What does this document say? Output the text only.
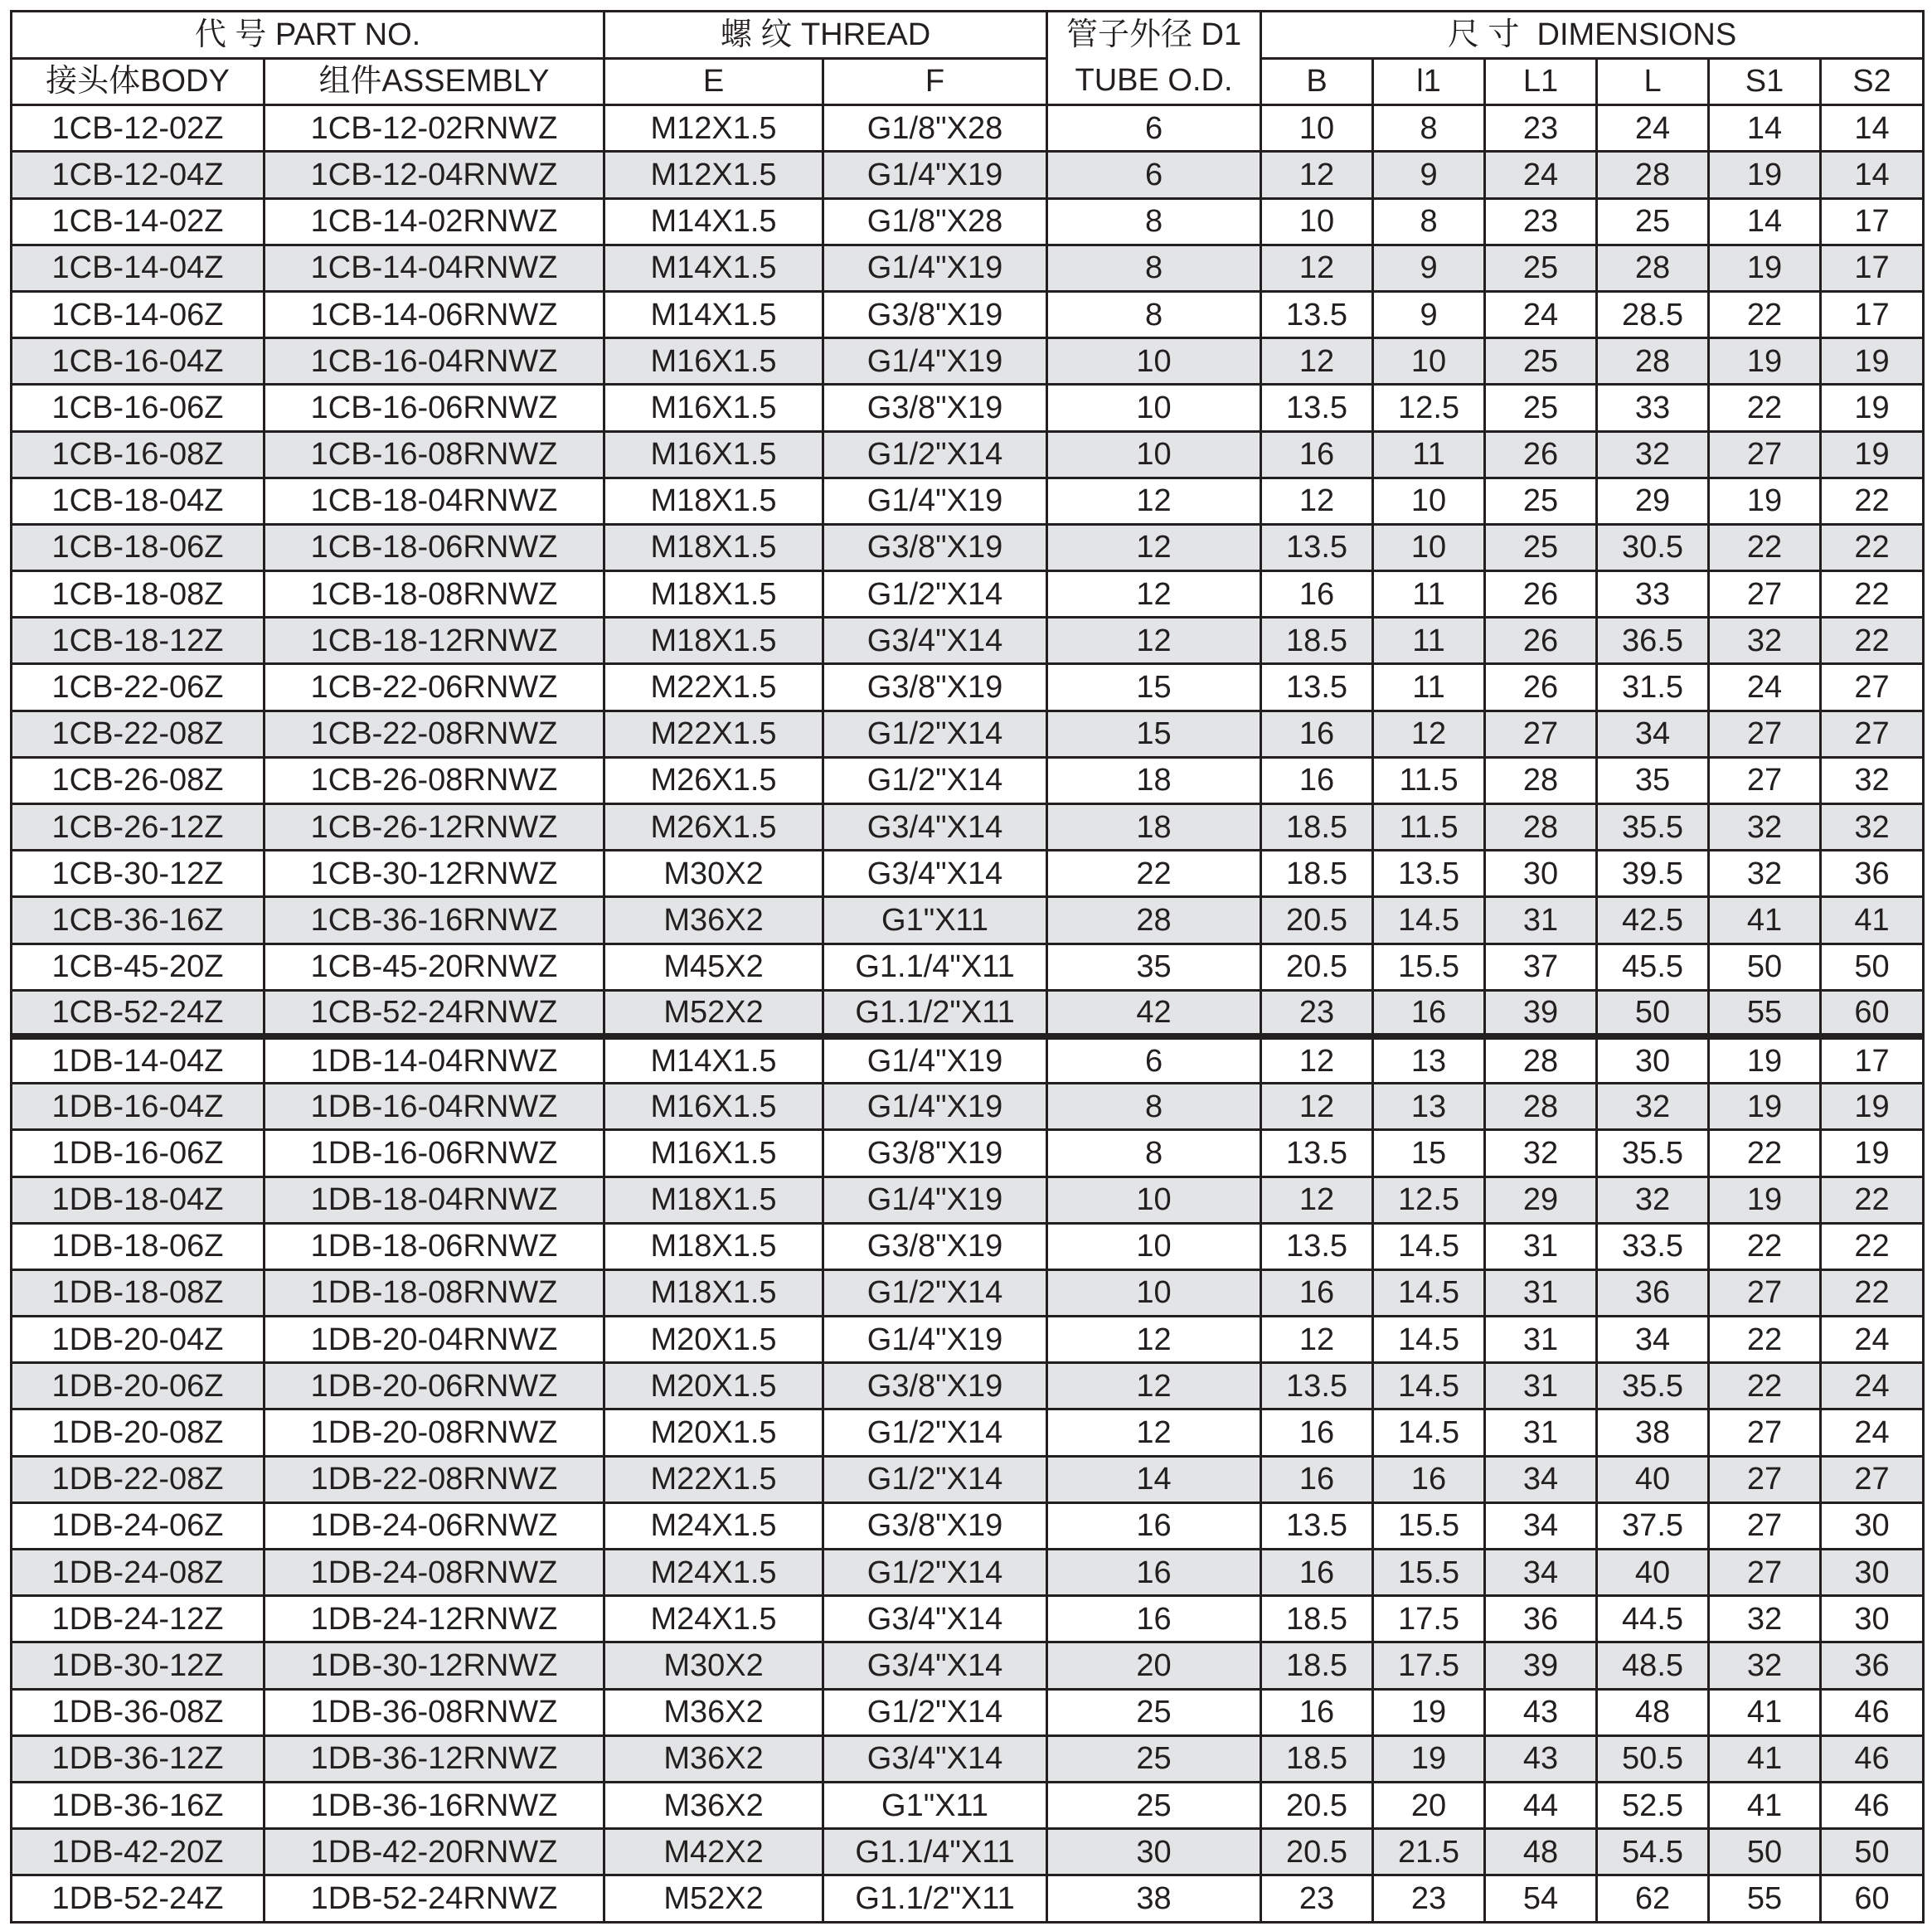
代 号 PART NO.		螺 纹 THREAD		管子外径 D1
TUBE O.D.	尺 寸  DIMENSIONS					
接头体BODY	组件ASSEMBLY	E	F		B	l1	L1	L	S1	S2
1CB-12-02Z	1CB-12-02RNWZ	M12X1.5	G1/8"X28	6	10	8	23	24	14	14
1CB-12-04Z	1CB-12-04RNWZ	M12X1.5	G1/4"X19	6	12	9	24	28	19	14
1CB-14-02Z	1CB-14-02RNWZ	M14X1.5	G1/8"X28	8	10	8	23	25	14	17
1CB-14-04Z	1CB-14-04RNWZ	M14X1.5	G1/4"X19	8	12	9	25	28	19	17
1CB-14-06Z	1CB-14-06RNWZ	M14X1.5	G3/8"X19	8	13.5	9	24	28.5	22	17
1CB-16-04Z	1CB-16-04RNWZ	M16X1.5	G1/4"X19	10	12	10	25	28	19	19
1CB-16-06Z	1CB-16-06RNWZ	M16X1.5	G3/8"X19	10	13.5	12.5	25	33	22	19
1CB-16-08Z	1CB-16-08RNWZ	M16X1.5	G1/2"X14	10	16	11	26	32	27	19
1CB-18-04Z	1CB-18-04RNWZ	M18X1.5	G1/4"X19	12	12	10	25	29	19	22
1CB-18-06Z	1CB-18-06RNWZ	M18X1.5	G3/8"X19	12	13.5	10	25	30.5	22	22
1CB-18-08Z	1CB-18-08RNWZ	M18X1.5	G1/2"X14	12	16	11	26	33	27	22
1CB-18-12Z	1CB-18-12RNWZ	M18X1.5	G3/4"X14	12	18.5	11	26	36.5	32	22
1CB-22-06Z	1CB-22-06RNWZ	M22X1.5	G3/8"X19	15	13.5	11	26	31.5	24	27
1CB-22-08Z	1CB-22-08RNWZ	M22X1.5	G1/2"X14	15	16	12	27	34	27	27
1CB-26-08Z	1CB-26-08RNWZ	M26X1.5	G1/2"X14	18	16	11.5	28	35	27	32
1CB-26-12Z	1CB-26-12RNWZ	M26X1.5	G3/4"X14	18	18.5	11.5	28	35.5	32	32
1CB-30-12Z	1CB-30-12RNWZ	M30X2	G3/4"X14	22	18.5	13.5	30	39.5	32	36
1CB-36-16Z	1CB-36-16RNWZ	M36X2	G1"X11	28	20.5	14.5	31	42.5	41	41
1CB-45-20Z	1CB-45-20RNWZ	M45X2	G1.1/4"X11	35	20.5	15.5	37	45.5	50	50
1CB-52-24Z	1CB-52-24RNWZ	M52X2	G1.1/2"X11	42	23	16	39	50	55	60
1DB-14-04Z	1DB-14-04RNWZ	M14X1.5	G1/4"X19	6	12	13	28	30	19	17
1DB-16-04Z	1DB-16-04RNWZ	M16X1.5	G1/4"X19	8	12	13	28	32	19	19
1DB-16-06Z	1DB-16-06RNWZ	M16X1.5	G3/8"X19	8	13.5	15	32	35.5	22	19
1DB-18-04Z	1DB-18-04RNWZ	M18X1.5	G1/4"X19	10	12	12.5	29	32	19	22
1DB-18-06Z	1DB-18-06RNWZ	M18X1.5	G3/8"X19	10	13.5	14.5	31	33.5	22	22
1DB-18-08Z	1DB-18-08RNWZ	M18X1.5	G1/2"X14	10	16	14.5	31	36	27	22
1DB-20-04Z	1DB-20-04RNWZ	M20X1.5	G1/4"X19	12	12	14.5	31	34	22	24
1DB-20-06Z	1DB-20-06RNWZ	M20X1.5	G3/8"X19	12	13.5	14.5	31	35.5	22	24
1DB-20-08Z	1DB-20-08RNWZ	M20X1.5	G1/2"X14	12	16	14.5	31	38	27	24
1DB-22-08Z	1DB-22-08RNWZ	M22X1.5	G1/2"X14	14	16	16	34	40	27	27
1DB-24-06Z	1DB-24-06RNWZ	M24X1.5	G3/8"X19	16	13.5	15.5	34	37.5	27	30
1DB-24-08Z	1DB-24-08RNWZ	M24X1.5	G1/2"X14	16	16	15.5	34	40	27	30
1DB-24-12Z	1DB-24-12RNWZ	M24X1.5	G3/4"X14	16	18.5	17.5	36	44.5	32	30
1DB-30-12Z	1DB-30-12RNWZ	M30X2	G3/4"X14	20	18.5	17.5	39	48.5	32	36
1DB-36-08Z	1DB-36-08RNWZ	M36X2	G1/2"X14	25	16	19	43	48	41	46
1DB-36-12Z	1DB-36-12RNWZ	M36X2	G3/4"X14	25	18.5	19	43	50.5	41	46
1DB-36-16Z	1DB-36-16RNWZ	M36X2	G1"X11	25	20.5	20	44	52.5	41	46
1DB-42-20Z	1DB-42-20RNWZ	M42X2	G1.1/4"X11	30	20.5	21.5	48	54.5	50	50
1DB-52-24Z	1DB-52-24RNWZ	M52X2	G1.1/2"X11	38	23	23	54	62	55	60
